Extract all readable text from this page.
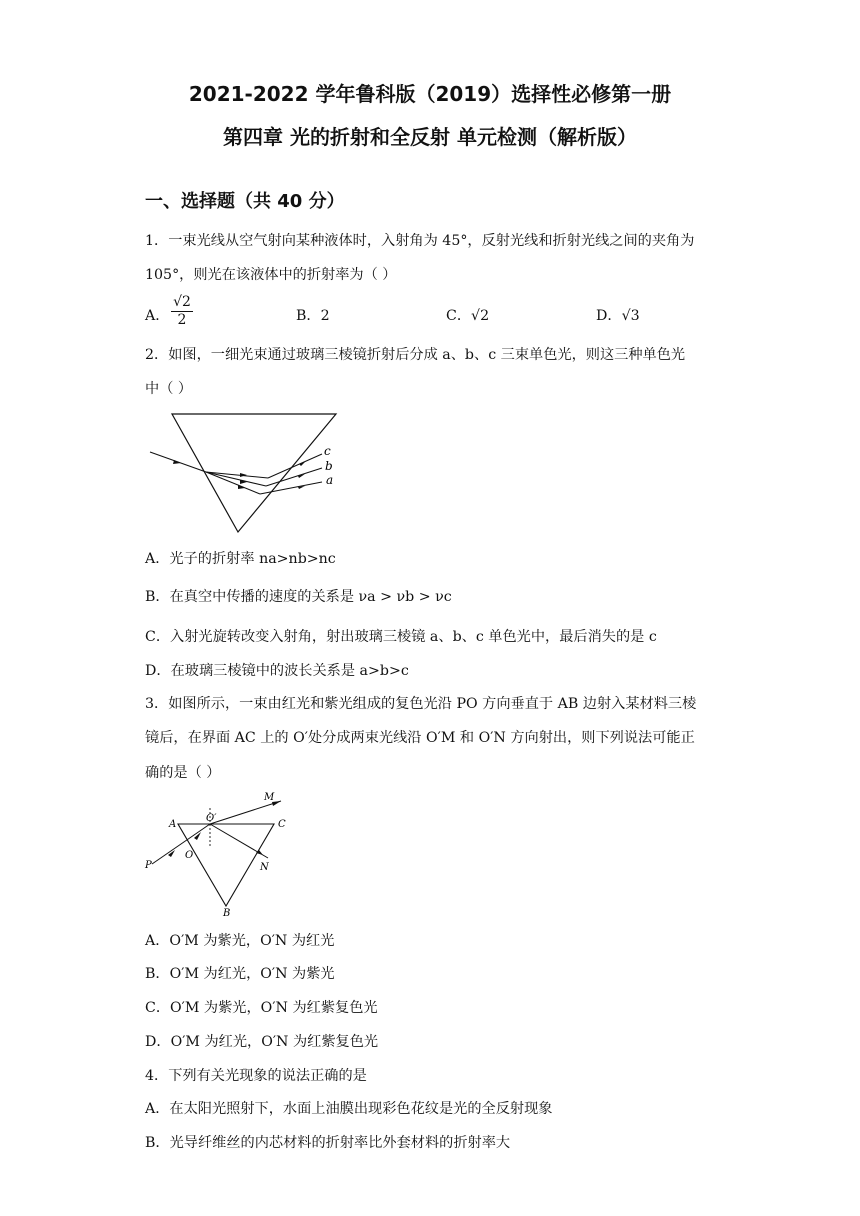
2021-2022 学年鲁科版（2019）选择性必修第一册
第四章 光的折射和全反射 单元检测（解析版）
一、选择题（共 40 分）
1．一束光线从空气射向某种液体时，入射角为 45°，反射光线和折射光线之间的夹角为
105°，则光在该液体中的折射率为（ ）
A． $\frac{√2}{2}$	B．2	C．√2	D．√3
2．如图，一细光束通过玻璃三棱镜折射后分成 a、b、c 三束单色光，则这三种单色光
中（ ）
c
b
a
A．光子的折射率 na>nb>nc
B．在真空中传播的速度的关系是 νa > νb > νc
C．入射光旋转改变入射角，射出玻璃三棱镜 a、b、c 单色光中，最后消失的是 c
D．在玻璃三棱镜中的波长关系是 a>b>c
3．如图所示，一束由红光和紫光组成的复色光沿 PO 方向垂直于 AB 边射入某材料三棱
镜后，在界面 AC 上的 O′处分成两束光线沿 O′M 和 O′N 方向射出，则下列说法可能正
确的是（ ）
A	C
B
O′
O
P
M
N
A．O′M 为紫光，O′N 为红光
B．O′M 为红光，O′N 为紫光
C．O′M 为紫光，O′N 为红紫复色光
D．O′M 为红光，O′N 为红紫复色光
4．下列有关光现象的说法正确的是
A．在太阳光照射下，水面上油膜出现彩色花纹是光的全反射现象
B．光导纤维丝的内芯材料的折射率比外套材料的折射率大
